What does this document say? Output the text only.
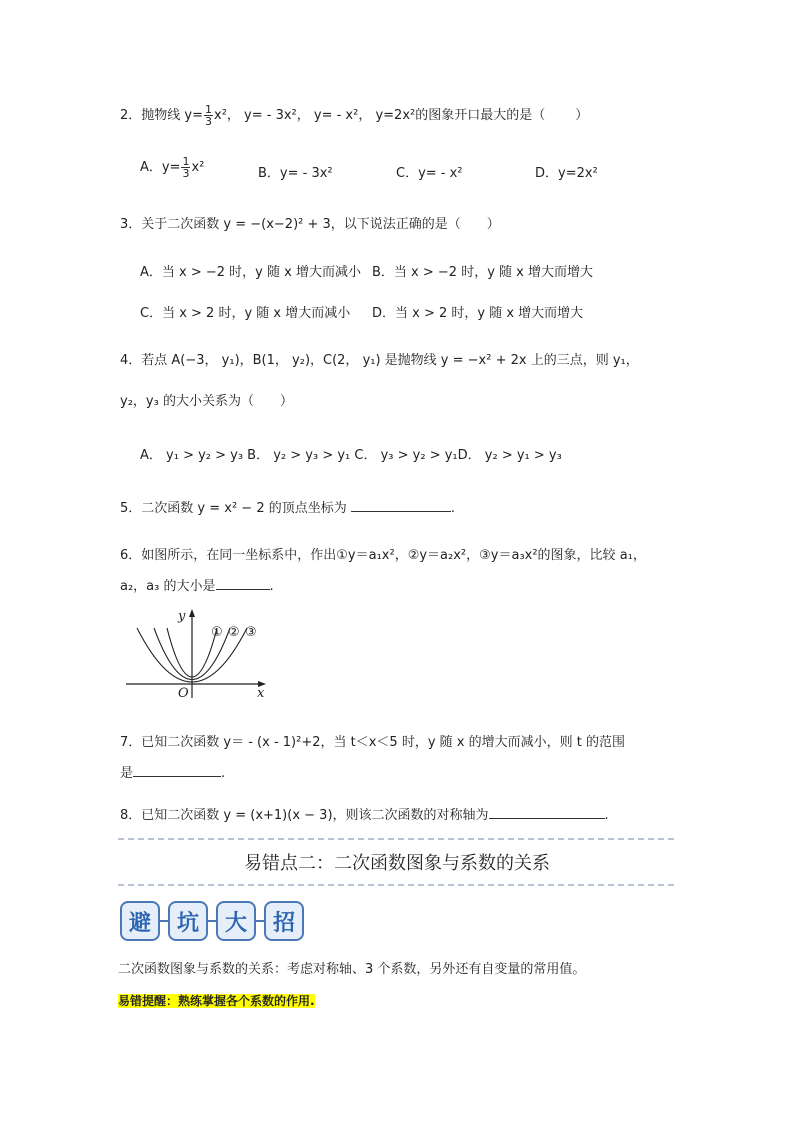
2．抛物线 $y= \frac{1}{3} x^2$， y= - 3x²， y= - x²， y=2x²的图象开口最大的是（ ）
A．$y= \frac{1}{3} x^2$	B．y= - 3x²	C．y= - x²	D．y=2x²
3．关于二次函数 y = −(x−2)² + 3，以下说法正确的是（　　）
A．当 x > −2 时，y 随 x 增大而减小 B．当 x > −2 时，y 随 x 增大而增大
C．当 x > 2 时，y 随 x 增大而减小 D．当 x > 2 时，y 随 x 增大而增大
4．若点 A(−3， y₁)，B(1， y₂)，C(2， y₁) 是抛物线 y = −x² + 2x 上的三点，则 y₁，
y₂，y₃ 的大小关系为（　　）
A． y₁ > y₂ > y₃ B． y₂ > y₃ > y₁ C． y₃ > y₂ > y₁D． y₂ > y₁ > y₃
5．二次函数 y = x² − 2 的顶点坐标为	.
6．如图所示，在同一坐标系中，作出①y＝a₁x²，②y＝a₂x²，③y＝a₃x²的图象，比较 a₁，
a₂，a₃ 的大小是	.
y
x
O
① ② ③
7．已知二次函数 y＝ - (x - 1)²+2，当 t＜x＜5 时，y 随 x 的增大而减小，则 t 的范围
是	.
8．已知二次函数 y = (x+1)(x − 3)，则该二次函数的对称轴为	.
易错点二：二次函数图象与系数的关系
避	坑	大	招
二次函数图象与系数的关系：考虑对称轴、3 个系数，另外还有自变量的常用值。
易错提醒：熟练掌握各个系数的作用.
